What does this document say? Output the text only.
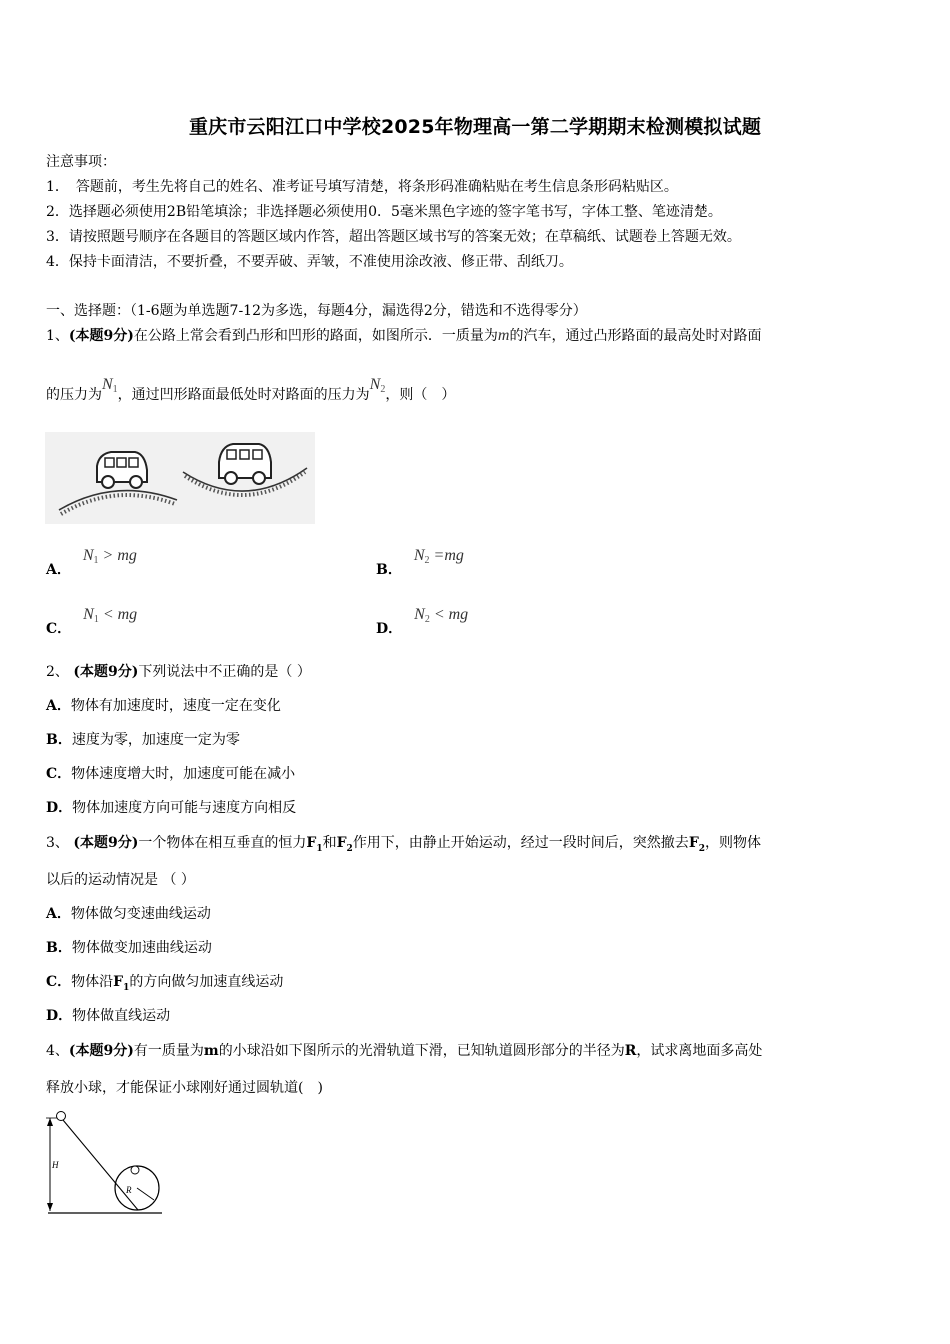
重庆市云阳江口中学校2025年物理高一第二学期期末检测模拟试题
注意事项：
1．　答题前，考生先将自己的姓名、准考证号填写清楚，将条形码准确粘贴在考生信息条形码粘贴区。
2．选择题必须使用2B铅笔填涂；非选择题必须使用0．5毫米黑色字迹的签字笔书写，字体工整、笔迹清楚。
3．请按照题号顺序在各题目的答题区域内作答，超出答题区域书写的答案无效；在草稿纸、试题卷上答题无效。
4．保持卡面清洁，不要折叠，不要弄破、弄皱，不准使用涂改液、修正带、刮纸刀。
一、选择题：（1-6题为单选题7-12为多选，每题4分，漏选得2分，错选和不选得零分）
1、(本题9分)在公路上常会看到凸形和凹形的路面，如图所示．一质量为m的汽车，通过凸形路面的最高处时对路面
的压力为$N_1$，通过凹形路面最低处时对路面的压力为$N_2$，则（　）
A．$N_1$ > mg
B．$N_2 =mg$
C．$N_1$ < mg
D．$N_2$ < mg
2、 (本题9分)下列说法中不正确的是（ ）
A．物体有加速度时，速度一定在变化
B．速度为零，加速度一定为零
C．物体速度增大时，加速度可能在减小
D．物体加速度方向可能与速度方向相反
3、 (本题9分)一个物体在相互垂直的恒力$F_1$和$F_2$作用下，由静止开始运动，经过一段时间后，突然撤去$F_2$，则物体
以后的运动情况是 （ ）
A．物体做匀变速曲线运动
B．物体做变加速曲线运动
C．物体沿$F_1$的方向做匀加速直线运动
D．物体做直线运动
4、(本题9分)有一质量为m的小球沿如下图所示的光滑轨道下滑，已知轨道圆形部分的半径为R，试求离地面多高处
释放小球，才能保证小球刚好通过圆轨道(　)
H
R
